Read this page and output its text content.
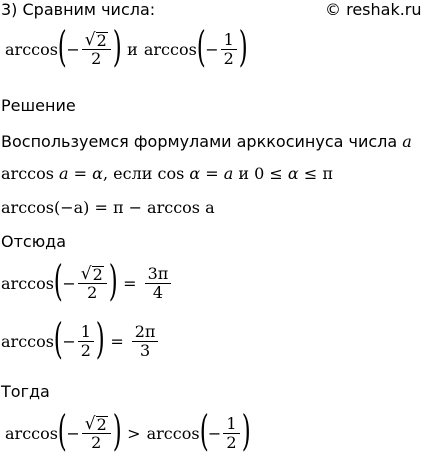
3) Сравним числа:	© reshak.ru
arccos ( − $\frac{√ 2}{2}$ ) и arccos ( − $\frac{1}{2}$ )
Решение
Воспользуемся формулами арккосинуса числа a
arccos a = α, если cos α = a и 0 ≤ α ≤ π
arccos(−a) = π − arccos a
Отсюда
arccos ( − $\frac{√ 2}{2}$ ) = $\frac{3\pi}{4}$
arccos ( − $\frac{1}{2}$ ) = $\frac{2\pi}{3}$
Тогда
arccos ( − $\frac{√ 2}{2}$ ) > arccos ( − $\frac{1}{2}$ )
